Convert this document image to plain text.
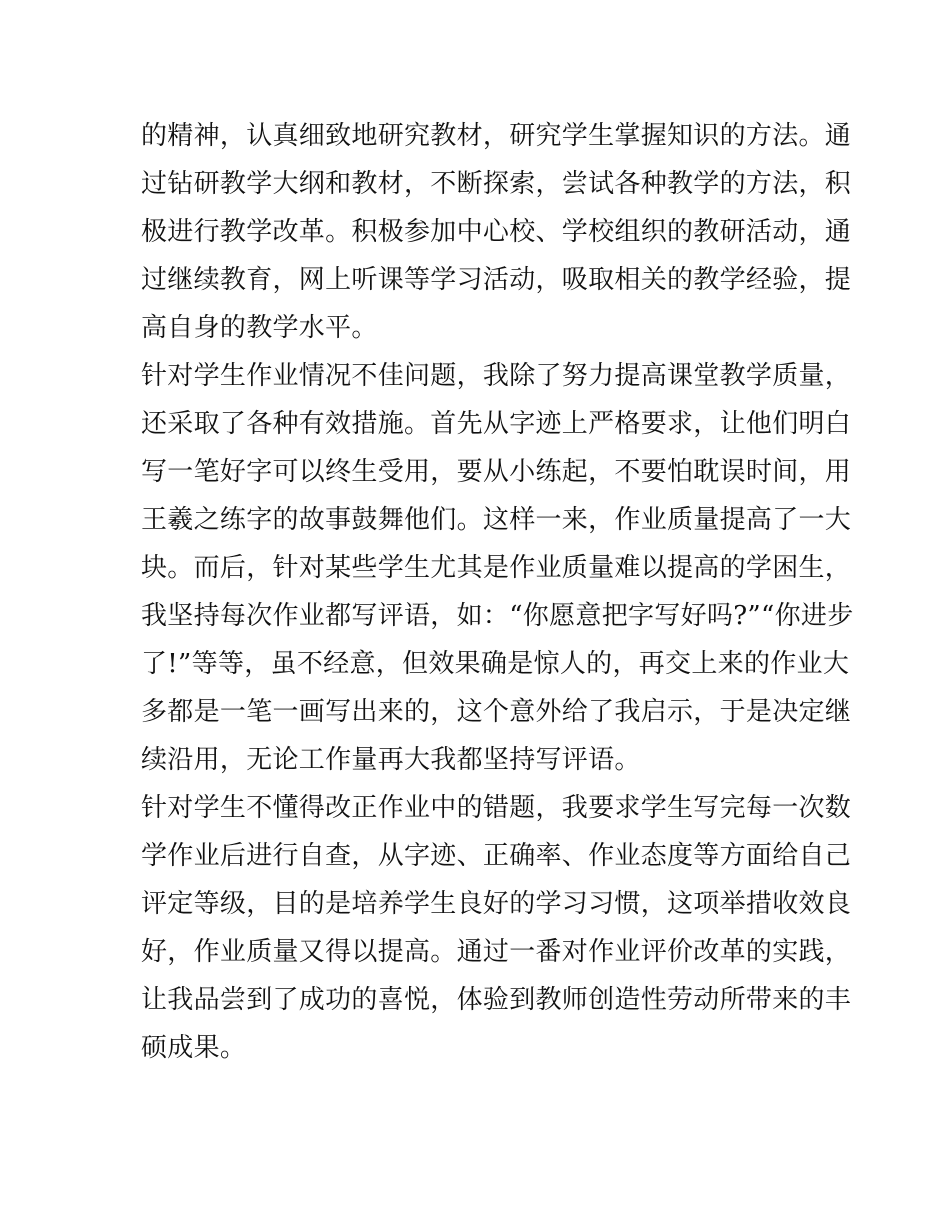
的精神，认真细致地研究教材，研究学生掌握知识的方法。通
过钻研教学大纲和教材，不断探索，尝试各种教学的方法，积
极进行教学改革。积极参加中心校、学校组织的教研活动，通
过继续教育，网上听课等学习活动，吸取相关的教学经验，提
高自身的教学水平。
针对学生作业情况不佳问题，我除了努力提高课堂教学质量，
还采取了各种有效措施。首先从字迹上严格要求，让他们明白
写一笔好字可以终生受用，要从小练起，不要怕耽误时间，用
王羲之练字的故事鼓舞他们。这样一来，作业质量提高了一大
块。而后，针对某些学生尤其是作业质量难以提高的学困生，
我坚持每次作业都写评语，如：“你愿意把字写好吗?”“你进步
了!”等等，虽不经意，但效果确是惊人的，再交上来的作业大
多都是一笔一画写出来的，这个意外给了我启示，于是决定继
续沿用，无论工作量再大我都坚持写评语。
针对学生不懂得改正作业中的错题，我要求学生写完每一次数
学作业后进行自查，从字迹、正确率、作业态度等方面给自己
评定等级，目的是培养学生良好的学习习惯，这项举措收效良
好，作业质量又得以提高。通过一番对作业评价改革的实践，
让我品尝到了成功的喜悦，体验到教师创造性劳动所带来的丰
硕成果。
